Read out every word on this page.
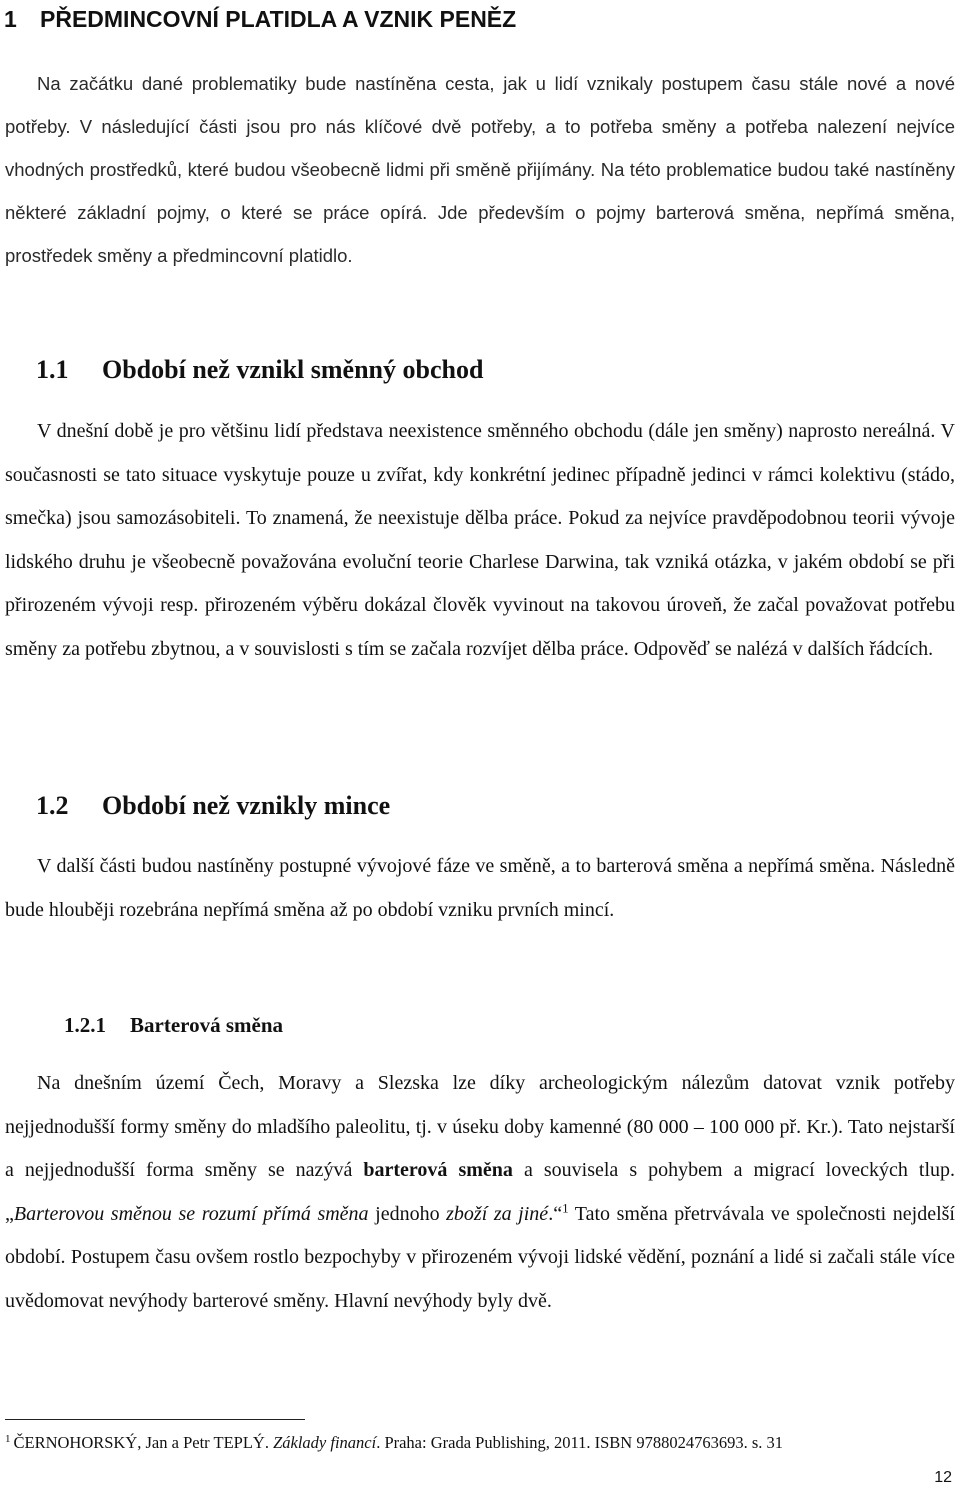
1 PŘEDMINCOVNÍ PLATIDLA A VZNIK PENĚZ

Na začátku dané problematiky bude nastíněna cesta, jak u lidí vznikaly postupem času stále nové a nové potřeby. V následující části jsou pro nás klíčové dvě potřeby, a to potřeba směny a potřeba nalezení nejvíce vhodných prostředků, které budou všeobecně lidmi při směně přijímány. Na této problematice budou také nastíněny některé základní pojmy, o které se práce opírá. Jde především o pojmy barterová směna, nepřímá směna, prostředek směny a předmincovní platidlo.

1.1 Období než vznikl směnný obchod

V dnešní době je pro většinu lidí představa neexistence směnného obchodu (dále jen směny) naprosto nereálná. V současnosti se tato situace vyskytuje pouze u zvířat, kdy konkrétní jedinec případně jedinci v rámci kolektivu (stádo, smečka) jsou samozásobiteli. To znamená, že neexistuje dělba práce. Pokud za nejvíce pravděpodobnou teorii vývoje lidského druhu je všeobecně považována evoluční teorie Charlese Darwina, tak vzniká otázka, v jakém období se při přirozeném vývoji resp. přirozeném výběru dokázal člověk vyvinout na takovou úroveň, že začal považovat potřebu směny za potřebu zbytnou, a v souvislosti s tím se začala rozvíjet dělba práce. Odpověď se nalézá v dalších řádcích.

1.2 Období než vznikly mince

V další části budou nastíněny postupné vývojové fáze ve směně, a to barterová směna a nepřímá směna. Následně bude hlouběji rozebrána nepřímá směna až po období vzniku prvních mincí.

1.2.1 Barterová směna

Na dnešním území Čech, Moravy a Slezska lze díky archeologickým nálezům datovat vznik potřeby nejjednodušší formy směny do mladšího paleolitu, tj. v úseku doby kamenné (80 000 – 100 000 př. Kr.). Tato nejstarší a nejjednodušší forma směny se nazývá barterová směna a souvisela s pohybem a migrací loveckých tlup. „Barterovou směnou se rozumí přímá směna jednoho zboží za jiné.“$^1$ Tato směna přetrvávala ve společnosti nejdelší období. Postupem času ovšem rostlo bezpochyby v přirozeném vývoji lidské vědění, poznání a lidé si začali stále více uvědomovat nevýhody barterové směny. Hlavní nevýhody byly dvě.

$^1$ ČERNOHORSKÝ, Jan a Petr TEPLÝ. Základy financí. Praha: Grada Publishing, 2011. ISBN 9788024763693. s. 31
12
